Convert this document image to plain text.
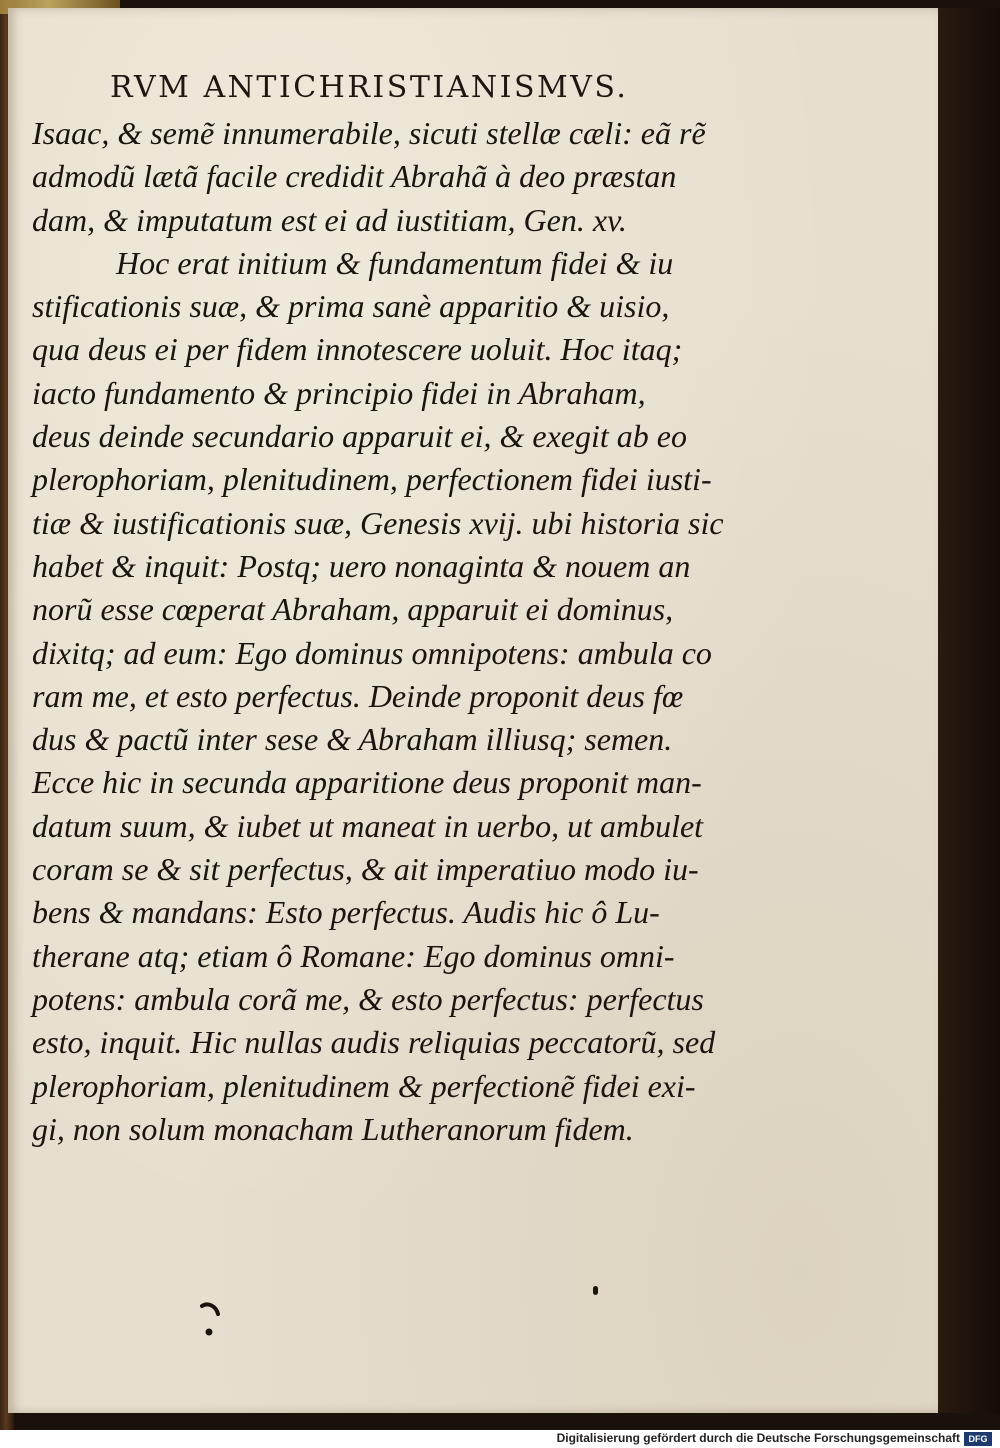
RVM ANTICHRISTIANISMVS.
Isaac, & semẽ innumerabile, sicuti stellæ cæli: eã rẽ
admodũ lætã facile credidit Abrahã à deo præstan
dam, & imputatum est ei ad iustitiam, Gen. xv.
Hoc erat initium & fundamentum fidei & iu
stificationis suæ, & prima sanè apparitio & uisio,
qua deus ei per fidem innotescere uoluit. Hoc itaq;
iacto fundamento & principio fidei in Abraham,
deus deinde secundario apparuit ei, & exegit ab eo
plerophoriam, plenitudinem, perfectionem fidei iusti-
tiæ & iustificationis suæ, Genesis xvij. ubi historia sic
habet & inquit: Postq; uero nonaginta & nouem an
norũ esse cœperat Abraham, apparuit ei dominus,
dixitq; ad eum: Ego dominus omnipotens: ambula co
ram me, et esto perfectus. Deinde proponit deus fœ
dus & pactũ inter sese & Abraham illiusq; semen.
Ecce hic in secunda apparitione deus proponit man-
datum suum, & iubet ut maneat in uerbo, ut ambulet
coram se & sit perfectus, & ait imperatiuo modo iu-
bens & mandans: Esto perfectus. Audis hic ô Lu-
therane atq; etiam ô Romane: Ego dominus omni-
potens: ambula corã me, & esto perfectus: perfectus
esto, inquit. Hic nullas audis reliquias peccatorũ, sed
plerophoriam, plenitudinem & perfectionẽ fidei exi-
gi, non solum monacham Lutheranorum fidem.
Digitalisierung gefördert durch die Deutsche Forschungsgemeinschaft DFG
